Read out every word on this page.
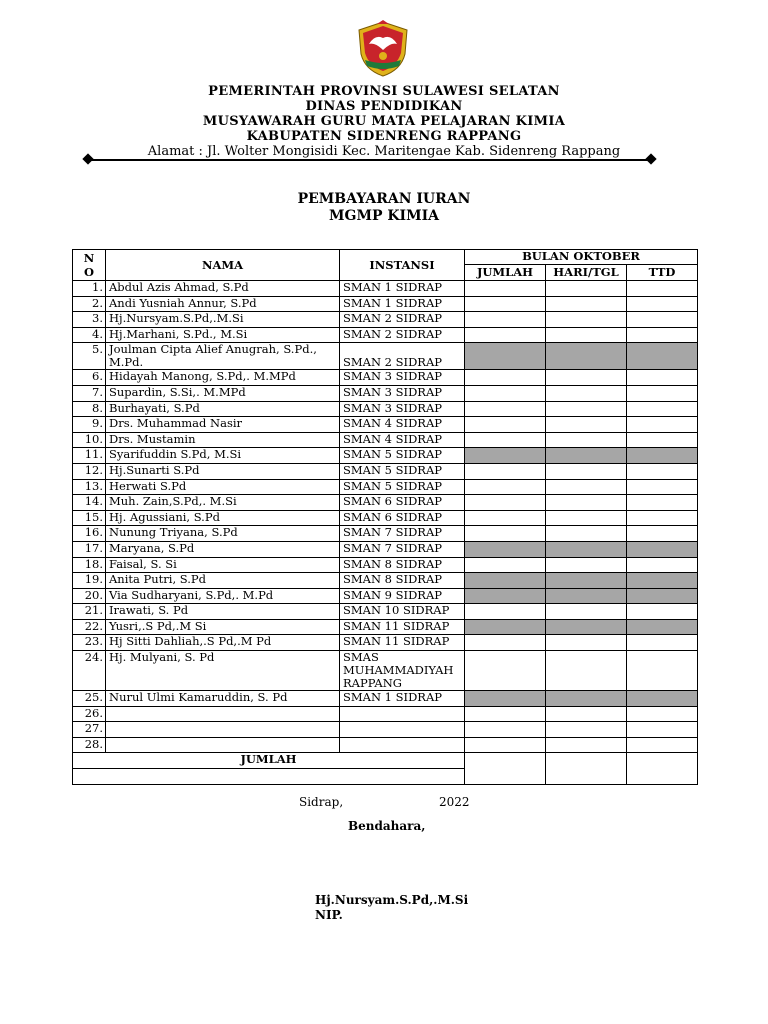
PEMERINTAH PROVINSI SULAWESI SELATAN
DINAS PENDIDIKAN
MUSYAWARAH GURU MATA PELAJARAN KIMIA
KABUPATEN SIDENRENG RAPPANG
Alamat : Jl. Wolter Mongisidi Kec. Maritengae Kab. Sidenreng Rappang
PEMBAYARAN IURAN
MGMP KIMIA
N O	NAMA	INSTANSI	BULAN OKTOBER		
			JUMLAH	HARI/TGL	TTD
1.	Abdul Azis Ahmad, S.Pd	SMAN 1 SIDRAP			
2.	Andi Yusniah Annur, S.Pd	SMAN 1 SIDRAP			
3.	Hj.Nursyam.S.Pd,.M.Si	SMAN 2 SIDRAP			
4.	Hj.Marhani, S.Pd., M.Si	SMAN 2 SIDRAP			
5.	Joulman Cipta Alief Anugrah, S.Pd., M.Pd.	SMAN 2 SIDRAP			
6.	Hidayah Manong, S.Pd,. M.MPd	SMAN 3 SIDRAP			
7.	Supardin, S.Si,. M.MPd	SMAN 3 SIDRAP			
8.	Burhayati, S.Pd	SMAN 3 SIDRAP			
9.	Drs. Muhammad Nasir	SMAN 4 SIDRAP			
10.	Drs. Mustamin	SMAN 4 SIDRAP			
11.	Syarifuddin S.Pd, M.Si	SMAN 5 SIDRAP			
12.	Hj.Sunarti S.Pd	SMAN 5 SIDRAP			
13.	Herwati S.Pd	SMAN 5 SIDRAP			
14.	Muh. Zain,S.Pd,. M.Si	SMAN 6 SIDRAP			
15.	Hj. Agussiani, S.Pd	SMAN 6 SIDRAP			
16.	Nunung Triyana, S.Pd	SMAN 7 SIDRAP			
17.	Maryana, S.Pd	SMAN 7 SIDRAP			
18.	Faisal, S. Si	SMAN 8 SIDRAP			
19.	Anita Putri, S.Pd	SMAN 8 SIDRAP			
20.	Via Sudharyani, S.Pd,. M.Pd	SMAN 9 SIDRAP			
21.	Irawati, S. Pd	SMAN 10 SIDRAP			
22.	Yusri,.S Pd,.M Si	SMAN 11 SIDRAP			
23.	Hj Sitti Dahliah,.S Pd,.M Pd	SMAN 11 SIDRAP			
24.	Hj. Mulyani, S. Pd	SMAS MUHAMMADIYAH RAPPANG			
25.	Nurul Ulmi Kamaruddin, S. Pd	SMAN 1 SIDRAP			
26.					
27.					
28.					
JUMLAH					

Sidrap,	2022
Bendahara,
Hj.Nursyam.S.Pd,.M.Si
NIP.
